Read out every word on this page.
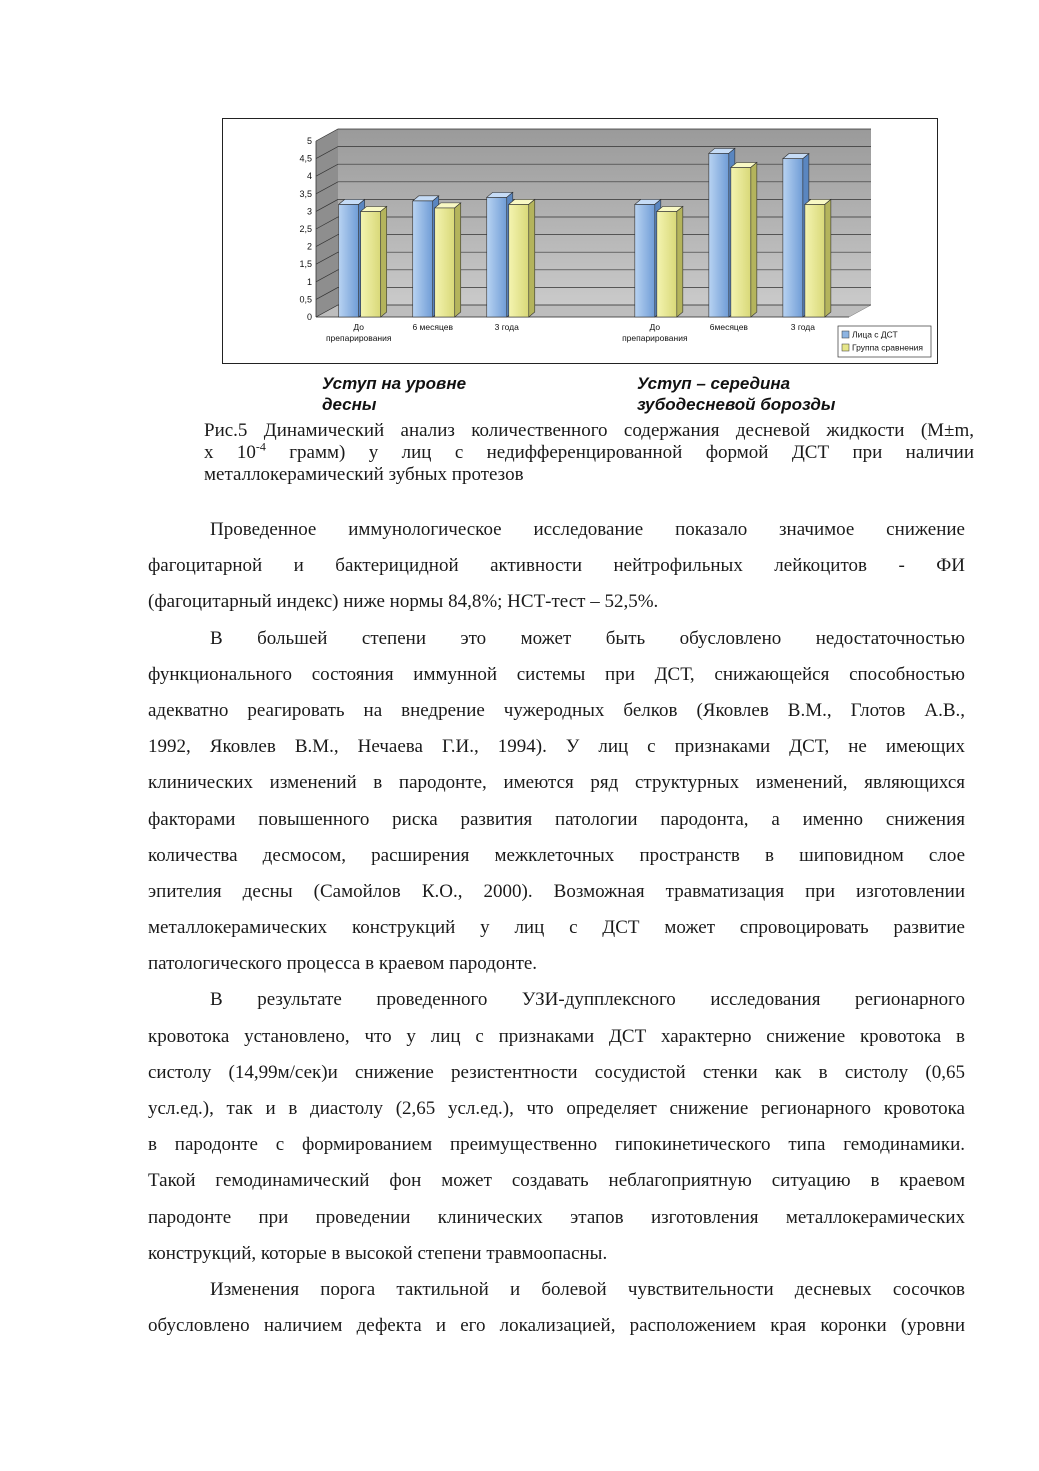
0
0,5
1
1,5
2
2,5
3
3,5
4
4,5
5
До
препарирования
6 месяцев	3 года	До
препарирования
6месяцев	3 года
Лица с ДСТ
Группа сравнения
Уступ на уровне
десны
Уступ – середина
зубодесневой борозды
Рис.5 Динамический анализ количественного содержания десневой жидкости (М±m,
х $10^{-4}$ грамм) у лиц с недифференцированной формой ДСТ при наличии
металлокерамический зубных протезов
Проведенное иммунологическое исследование показало значимое снижение
фагоцитарной и бактерицидной активности нейтрофильных лейкоцитов - ФИ
(фагоцитарный индекс) ниже нормы 84,8%; НСТ-тест – 52,5%.
В большей степени это может быть обусловлено недостаточностью
функционального состояния иммунной системы при ДСТ, снижающейся способностью
адекватно реагировать на внедрение чужеродных белков (Яковлев В.М., Глотов А.В.,
1992, Яковлев В.М., Нечаева Г.И., 1994). У лиц с признаками ДСТ, не имеющих
клинических изменений в пародонте, имеются ряд структурных изменений, являющихся
факторами повышенного риска развития патологии пародонта, а именно снижения
количества десмосом, расширения межклеточных пространств в шиповидном слое
эпителия десны (Самойлов К.О., 2000). Возможная травматизация при изготовлении
металлокерамических конструкций у лиц с ДСТ может спровоцировать развитие
патологического процесса в краевом пародонте.
В результате проведенного УЗИ-дупплексного исследования регионарного
кровотока установлено, что у лиц с признаками ДСТ характерно снижение кровотока в
систолу (14,99м/сек)и снижение резистентности сосудистой стенки как в систолу (0,65
усл.ед.), так и в диастолу (2,65 усл.ед.), что определяет снижение регионарного кровотока
в пародонте с формированием преимущественно гипокинетического типа гемодинамики.
Такой гемодинамический фон может создавать неблагоприятную ситуацию в краевом
пародонте при проведении клинических этапов изготовления металлокерамических
конструкций, которые в высокой степени травмоопасны.
Изменения порога тактильной и болевой чувствительности десневых сосочков
обусловлено наличием дефекта и его локализацией, расположением края коронки (уровни
